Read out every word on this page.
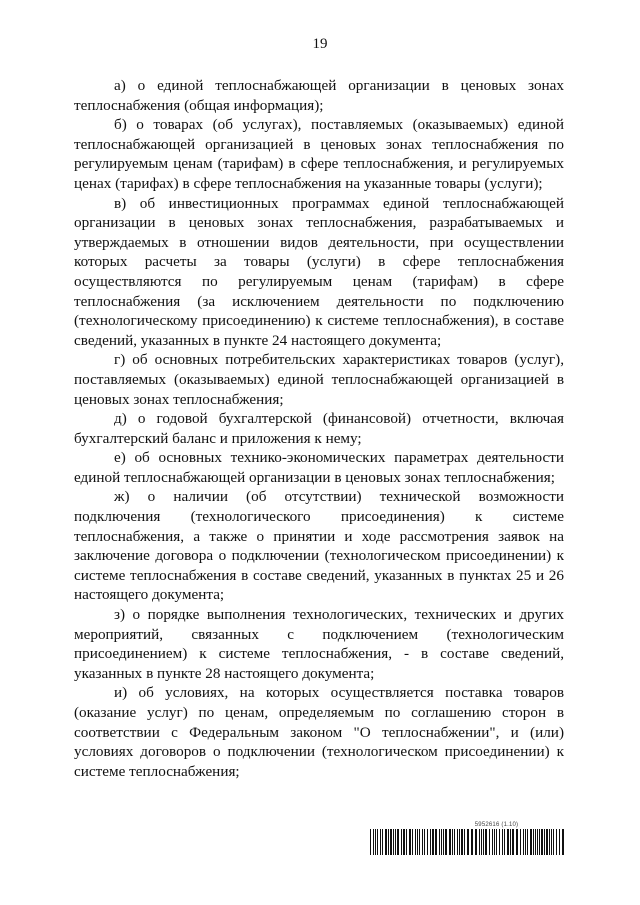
19

а) о единой теплоснабжающей организации в ценовых зонах теплоснабжения (общая информация);

б) о товарах (об услугах), поставляемых (оказываемых) единой теплоснабжающей организацией в ценовых зонах теплоснабжения по регулируемым ценам (тарифам) в сфере теплоснабжения, и регулируемых ценах (тарифах) в сфере теплоснабжения на указанные товары (услуги);

в) об инвестиционных программах единой теплоснабжающей организации в ценовых зонах теплоснабжения, разрабатываемых и утверждаемых в отношении видов деятельности, при осуществлении которых расчеты за товары (услуги) в сфере теплоснабжения осуществляются по регулируемым ценам (тарифам) в сфере теплоснабжения (за исключением деятельности по подключению (технологическому присоединению) к системе теплоснабжения), в составе сведений, указанных в пункте 24 настоящего документа;

г) об основных потребительских характеристиках товаров (услуг), поставляемых (оказываемых) единой теплоснабжающей организацией в ценовых зонах теплоснабжения;

д) о годовой бухгалтерской (финансовой) отчетности, включая бухгалтерский баланс и приложения к нему;

е) об основных технико-экономических параметрах деятельности единой теплоснабжающей организации в ценовых зонах теплоснабжения;

ж) о наличии (об отсутствии) технической возможности подключения (технологического присоединения) к системе теплоснабжения, а также о принятии и ходе рассмотрения заявок на заключение договора о подключении (технологическом присоединении) к системе теплоснабжения в составе сведений, указанных в пунктах 25 и 26 настоящего документа;

з) о порядке выполнения технологических, технических и других мероприятий, связанных с подключением (технологическим присоединением) к системе теплоснабжения, - в составе сведений, указанных в пункте 28 настоящего документа;

и) об условиях, на которых осуществляется поставка товаров (оказание услуг) по ценам, определяемым по соглашению сторон в соответствии с Федеральным законом "О теплоснабжении", и (или) условиях договоров о подключении (технологическом присоединении) к системе теплоснабжения;

5952616 (1.10)
